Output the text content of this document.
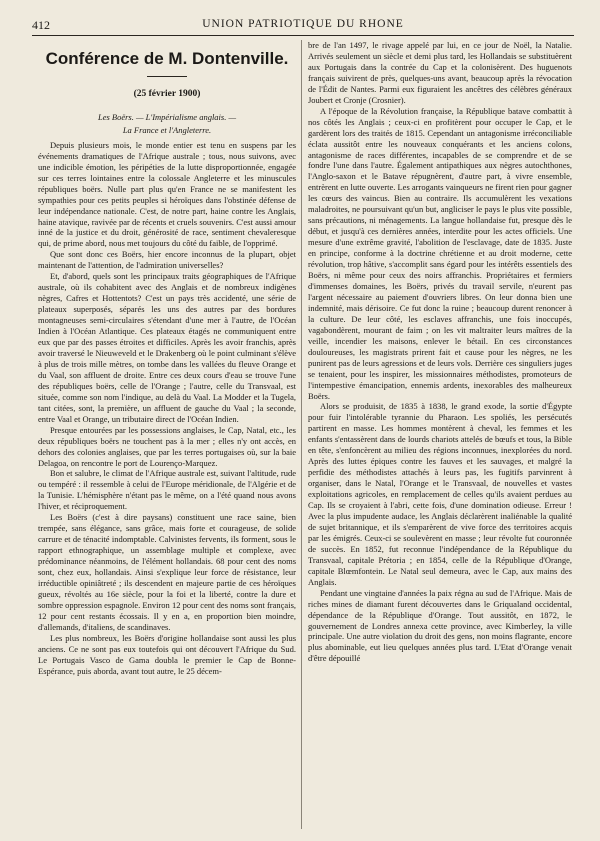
412	UNION PATRIOTIQUE DU RHONE
Conférence de M. Dontenville.
(25 février 1900)
Les Boërs. — L'Impérialisme anglais. —
La France et l'Angleterre.

Depuis plusieurs mois, le monde entier est tenu en suspens par les événements dramatiques de l'Afrique australe ; tous, nous suivons, avec une indicible émotion, les péripéties de la lutte disproportionnée, engagée sur ces terres lointaines entre la colossale Angleterre et les minuscules républiques boërs. Nulle part plus qu'en France ne se manifestent les sympathies pour ces petits peuples si héroïques dans l'obstinée défense de leur indépendance nationale. C'est, de notre part, haine contre les Anglais, haine atavique, ravivée par de récents et cruels souvenirs. C'est aussi amour inné de la justice et du droit, générosité de race, sentiment chevaleresque qui, de prime abord, nous met toujours du côté du faible, de l'opprimé.

Que sont donc ces Boërs, hier encore inconnus de la plupart, objet maintenant de l'attention, de l'admiration universelles?

Et, d'abord, quels sont les principaux traits géographiques de l'Afrique australe, où ils cohabitent avec des Anglais et de nombreux indigènes nègres, Cafres et Hottentots? C'est un pays très accidenté, une série de plateaux superposés, séparés les uns des autres par des bordures montagneuses semi-circulaires s'étendant d'une mer à l'autre, de l'Océan Indien à l'Océan Atlantique. Ces plateaux étagés ne communiquent entre eux que par des passes étroites et difficiles. Après les avoir franchis, après avoir traversé le Nieuweveld et le Drakenberg où le point culminant s'élève à plus de trois mille mètres, on tombe dans les vallées du fleuve Orange et du Vaal, son affluent de droite. Entre ces deux cours d'eau se trouve l'une des républiques boërs, celle de l'Orange ; l'autre, celle du Transvaal, est située, comme son nom l'indique, au delà du Vaal. La Modder et la Tugela, tant citées, sont, la première, un affluent de gauche du Vaal ; la seconde, entre Vaal et Orange, un tributaire direct de l'Océan Indien.

Presque entourées par les possessions anglaises, le Cap, Natal, etc., les deux républiques boërs ne touchent pas à la mer ; elles n'y ont accès, en dehors des colonies anglaises, que par les terres portugaises où, sur la baie Delagoa, on rencontre le port de Lourenço-Marquez.

Bon et salubre, le climat de l'Afrique australe est, suivant l'altitude, rude ou tempéré : il ressemble à celui de l'Europe méridionale, de l'Algérie et de la Tunisie. L'hémisphère n'étant pas le même, on a l'été quand nous avons l'hiver, et réciproquement.

Les Boërs (c'est à dire paysans) constituent une race saine, bien trempée, sans élégance, sans grâce, mais forte et courageuse, de solide carrure et de ténacité indomptable. Calvinistes fervents, ils forment, sous le rapport ethnographique, un assemblage multiple et complexe, avec prédominance néanmoins, de l'élément hollandais. 68 pour cent des noms sont, chez eux, hollandais. Ainsi s'explique leur force de résistance, leur irréductible opiniâtreté ; ils descendent en majeure partie de ces héroïques gueux, révoltés au 16e siècle, pour la foi et la liberté, contre la dure et sombre oppression espagnole. Environ 12 pour cent des noms sont français, 12 pour cent restants écossais. Il y en a, en proportion bien moindre, d'allemands, d'italiens, de scandinaves.

Les plus nombreux, les Boërs d'origine hollandaise sont aussi les plus anciens. Ce ne sont pas eux toutefois qui ont découvert l'Afrique du Sud. Le Portugais Vasco de Gama doubla le premier le Cap de Bonne-Espérance, puis aborda, avant tout autre, le 25 décem-

bre de l'an 1497, le rivage appelé par lui, en ce jour de Noël, la Natalie. Arrivés seulement un siècle et demi plus tard, les Hollandais se substituèrent aux Portugais dans la contrée du Cap et la colonisèrent. Des huguenots français suivirent de près, quelques-uns avant, beaucoup après la révocation de l'Édit de Nantes. Parmi eux figuraient les ancêtres des célèbres généraux Joubert et Cronje (Crosnier).

A l'époque de la Révolution française, la République batave combattit à nos côtés les Anglais ; ceux-ci en profitèrent pour occuper le Cap, et le gardèrent lors des traités de 1815. Cependant un antagonisme irréconciliable éclata aussitôt entre les nouveaux conquérants et les anciens colons, antagonisme de races différentes, incapables de se comprendre et de se fondre l'une dans l'autre. Également antipathiques aux nègres autochthones, l'Anglo-saxon et le Batave répugnèrent, d'autre part, à vivre ensemble, entrèrent en lutte ouverte. Les arrogants vainqueurs ne firent rien pour gagner les cœurs des vaincus. Bien au contraire. Ils accumulèrent les vexations maladroites, ne poursuivant qu'un but, angliciser le pays le plus vite possible, sans précautions, ni ménagements. La langue hollandaise fut, presque dès le début, et jusqu'à ces dernières années, interdite pour les actes officiels. Une mesure d'une extrême gravité, l'abolition de l'esclavage, date de 1835. Juste en principe, conforme à la doctrine chrétienne et au droit moderne, cette révolution, trop hâtive, s'accomplit sans égard pour les intérêts essentiels des Boërs, ni même pour ceux des noirs affranchis. Propriétaires et fermiers d'immenses domaines, les Boërs, privés du travail servile, n'eurent pas l'argent nécessaire au paiement d'ouvriers libres. On leur donna bien une indemnité, mais dérisoire. Ce fut donc la ruine ; beaucoup durent renoncer à la culture. De leur côté, les esclaves affranchis, une fois inoccupés, vagabondèrent, mourant de faim ; on les vit maltraiter leurs maîtres de la veille, incendier les maisons, enlever le bétail. En ces circonstances douloureuses, les magistrats prirent fait et cause pour les nègres, ne les punirent pas de leurs agressions et de leurs vols. Derrière ces singuliers juges se tenaient, pour les inspirer, les missionnaires méthodistes, promoteurs de l'intempestive émancipation, ennemis ardents, inexorables des malheureux Boërs.

Alors se produisit, de 1835 à 1838, le grand exode, la sortie d'Égypte pour fuir l'intolérable tyrannie du Pharaon. Les spoliés, les persécutés partirent en masse. Les hommes montèrent à cheval, les femmes et les enfants s'entassèrent dans de lourds chariots attelés de bœufs et tous, la Bible en tête, s'enfoncèrent au milieu des régions inconnues, inexplorées du nord. Après des luttes épiques contre les fauves et les sauvages, et malgré la perfidie des méthodistes attachés à leurs pas, les fugitifs parvinrent à organiser, dans le Natal, l'Orange et le Transvaal, de nouvelles et vastes exploitations agricoles, en remplacement de celles qu'ils avaient perdues au Cap. Ils se croyaient à l'abri, cette fois, d'une domination odieuse. Erreur ! Avec la plus impudente audace, les Anglais déclarèrent inaliénable la qualité de sujet britannique, et ils s'emparèrent de vive force des territoires acquis par les émigrés. Ceux-ci se soulevèrent en masse ; leur révolte fut couronnée de succès. En 1852, fut reconnue l'indépendance de la République du Transvaal, capitale Prétoria ; en 1854, celle de la République d'Orange, capitale Blœmfontein. Le Natal seul demeura, avec le Cap, aux mains des Anglais.

Pendant une vingtaine d'années la paix régna au sud de l'Afrique. Mais de riches mines de diamant furent découvertes dans le Griqualand occidental, dépendance de la République d'Orange. Tout aussitôt, en 1872, le gouvernement de Londres annexa cette province, avec Kimberley, la ville principale. Une autre violation du droit des gens, non moins flagrante, encore plus abominable, eut lieu quelques années plus tard. L'Etat d'Orange venait d'être dépouillé
